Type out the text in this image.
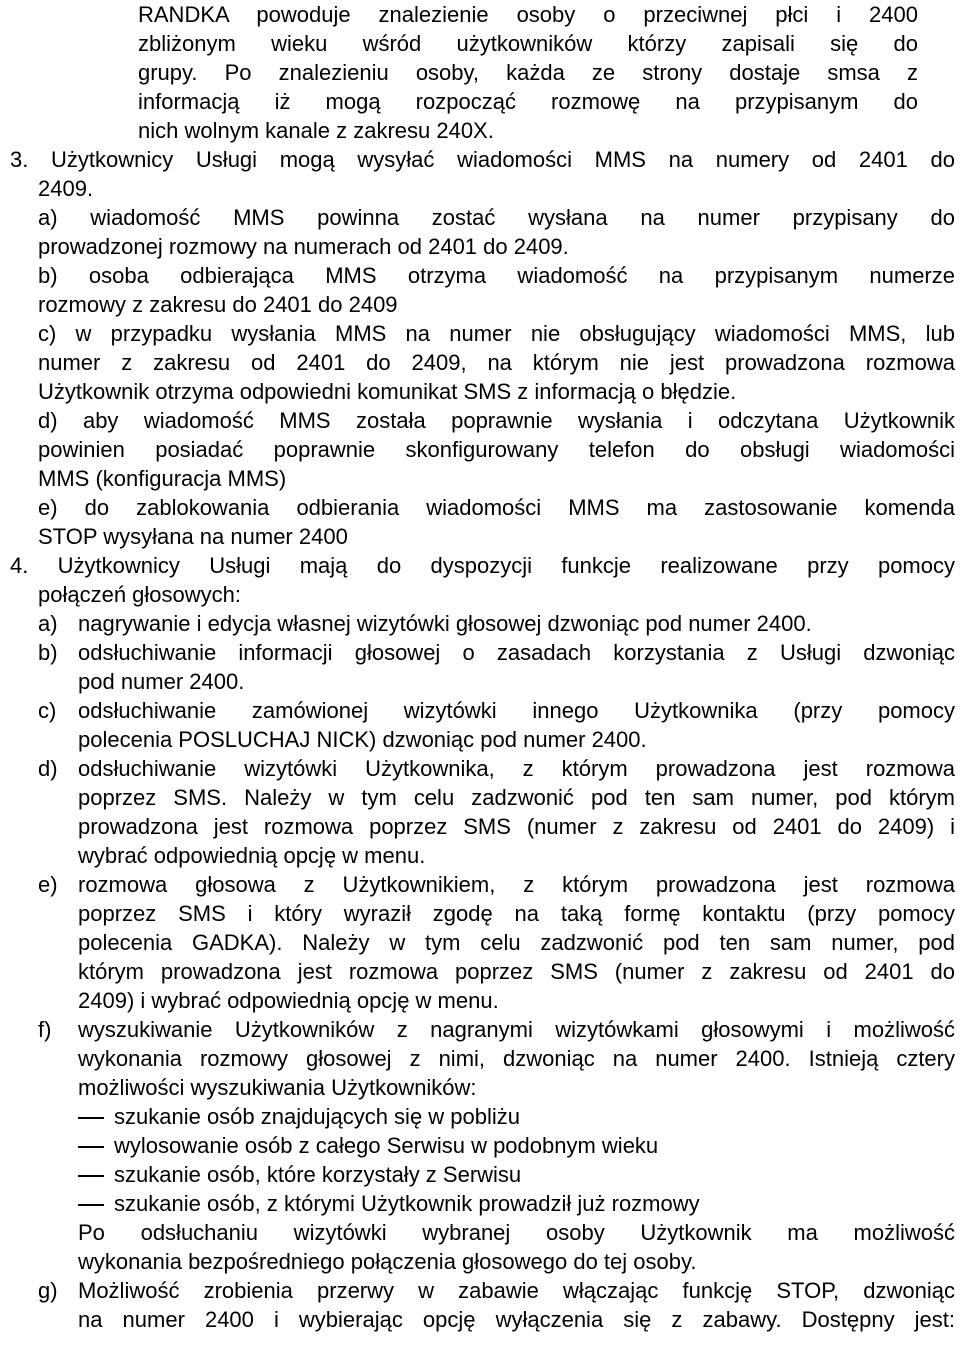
RANDKA powoduje znalezienie osoby o przeciwnej płci i 2400
zbliżonym wieku wśród użytkowników którzy zapisali się do
grupy. Po znalezieniu osoby, każda ze strony dostaje smsa z
informacją iż mogą rozpocząć rozmowę na przypisanym do
nich wolnym kanale z zakresu 240X.
3. Użytkownicy Usługi mogą wysyłać wiadomości MMS na numery od 2401 do
2409.
a) wiadomość MMS powinna zostać wysłana na numer przypisany do
prowadzonej rozmowy na numerach od 2401 do 2409.
b) osoba odbierająca MMS otrzyma wiadomość na przypisanym numerze
rozmowy z zakresu do 2401 do 2409
c) w przypadku wysłania MMS na numer nie obsługujący wiadomości MMS, lub
numer z zakresu od 2401 do 2409, na którym nie jest prowadzona rozmowa
Użytkownik otrzyma odpowiedni komunikat SMS z informacją o błędzie.
d) aby wiadomość MMS została poprawnie wysłania i odczytana Użytkownik
powinien posiadać poprawnie skonfigurowany telefon do obsługi wiadomości
MMS (konfiguracja MMS)
e) do zablokowania odbierania wiadomości MMS ma zastosowanie komenda
STOP wysyłana na numer 2400
4. Użytkownicy Usługi mają do dyspozycji funkcje realizowane przy pomocy
połączeń głosowych:
a) nagrywanie i edycja własnej wizytówki głosowej dzwoniąc pod numer 2400.
b) odsłuchiwanie informacji głosowej o zasadach korzystania z Usługi dzwoniąc
pod numer 2400.
c) odsłuchiwanie zamówionej wizytówki innego Użytkownika (przy pomocy
polecenia POSLUCHAJ NICK) dzwoniąc pod numer 2400.
d) odsłuchiwanie wizytówki Użytkownika, z którym prowadzona jest rozmowa
poprzez SMS. Należy w tym celu zadzwonić pod ten sam numer, pod którym
prowadzona jest rozmowa poprzez SMS (numer z zakresu od 2401 do 2409) i
wybrać odpowiednią opcję w menu.
e) rozmowa głosowa z Użytkownikiem, z którym prowadzona jest rozmowa
poprzez SMS i który wyraził zgodę na taką formę kontaktu (przy pomocy
polecenia GADKA). Należy w tym celu zadzwonić pod ten sam numer, pod
którym prowadzona jest rozmowa poprzez SMS (numer z zakresu od 2401 do
2409) i wybrać odpowiednią opcję w menu.
f) wyszukiwanie Użytkowników z nagranymi wizytówkami głosowymi i możliwość
wykonania rozmowy głosowej z nimi, dzwoniąc na numer 2400. Istnieją cztery
możliwości wyszukiwania Użytkowników:
szukanie osób znajdujących się w pobliżu
wylosowanie osób z całego Serwisu w podobnym wieku
szukanie osób, które korzystały z Serwisu
szukanie osób, z którymi Użytkownik prowadził już rozmowy
Po odsłuchaniu wizytówki wybranej osoby Użytkownik ma możliwość
wykonania bezpośredniego połączenia głosowego do tej osoby.
g) Możliwość zrobienia przerwy w zabawie włączając funkcję STOP, dzwoniąc
na numer 2400 i wybierając opcję wyłączenia się z zabawy. Dostępny jest:
